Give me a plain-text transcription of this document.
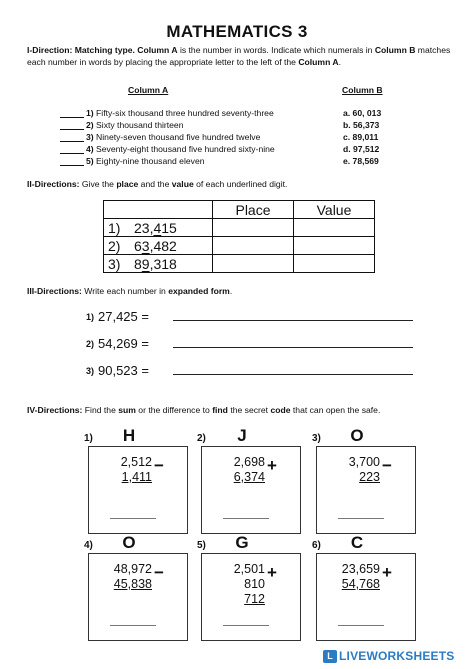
MATHEMATICS 3
I-Direction: Matching type. Column A is the number in words. Indicate which numerals in Column B matches each number in words by placing the appropriate letter to the left of the Column A.
Column A	Column B
1) Fifty-six thousand three hundred seventy-three	a. 60, 013
2) Sixty thousand thirteen	b. 56,373
3) Ninety-seven thousand five hundred twelve	c. 89,011
4) Seventy-eight thousand five hundred sixty-nine	d. 97,512
5) Eighty-nine thousand eleven	e. 78,569
II-Directions: Give the place and the value of each underlined digit.
	Place	Value
1) 23,415		
2) 63,482		
3) 89,318		
III-Directions: Write each number in expanded form.
1) 27,425 =
2) 54,269 =
3) 90,523 =
IV-Directions: Find the sum or the difference to find the secret code that can open the safe.
1)	H
2,512
1,411
−
2)	J
2,698
6,374
+
3)	O
3,700
223
−
4)	O
48,972
45,838
−
5)	G
2,501
810
712
+
6)	C
23,659
54,768
+
L LIVEWORKSHEETS
